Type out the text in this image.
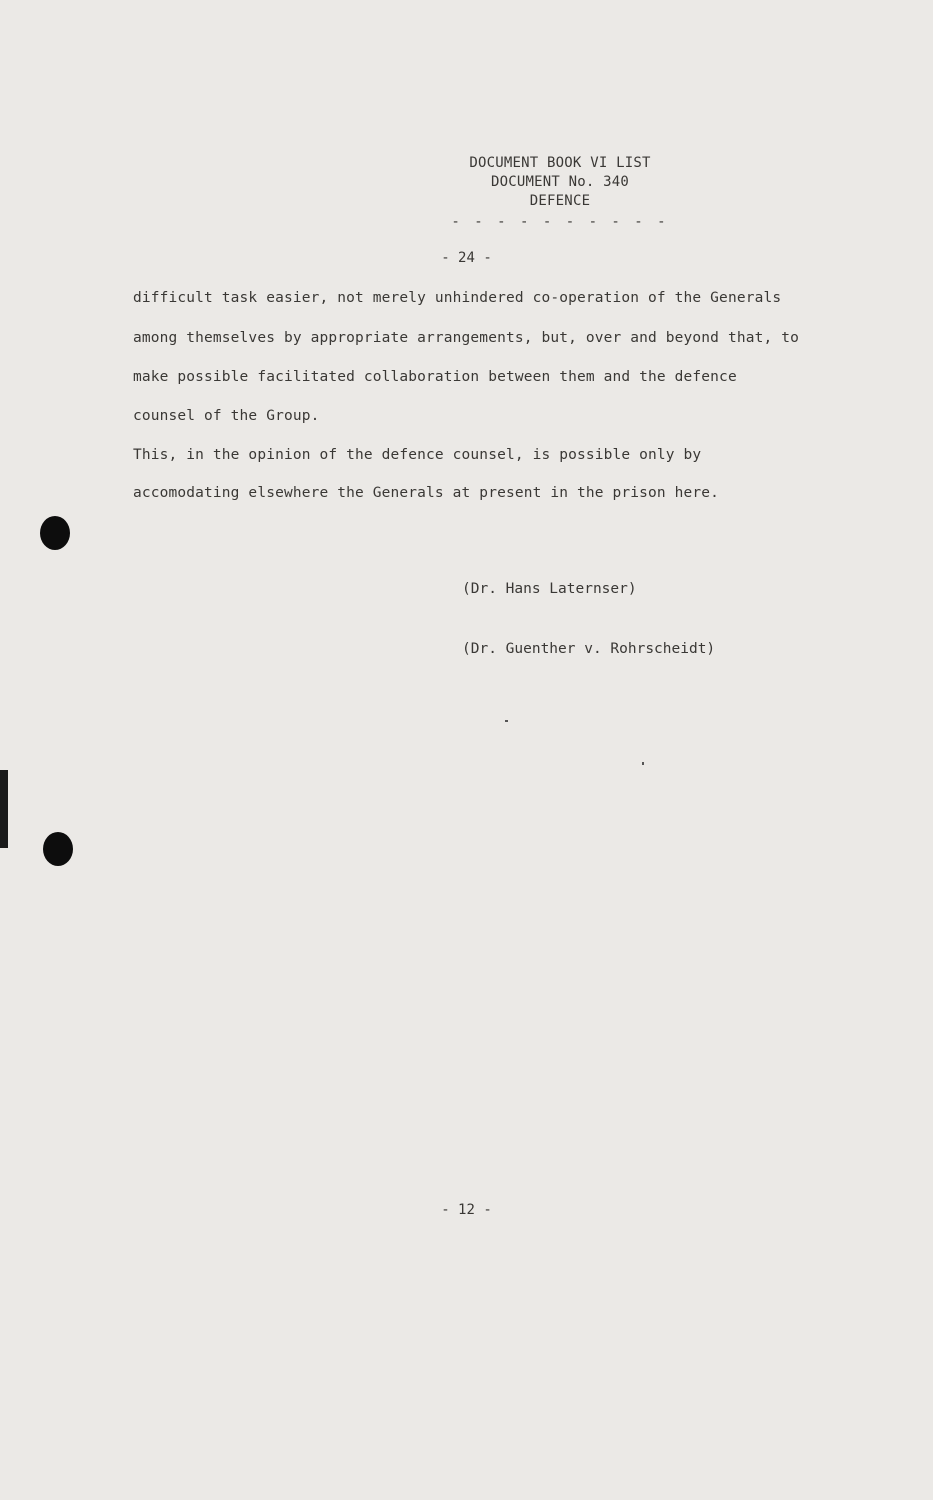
DOCUMENT BOOK VI LIST
DOCUMENT No. 340
DEFENCE
- - - - - - - - - -
- 24 -
difficult task easier, not merely unhindered co-operation of the Generals
among themselves by appropriate arrangements, but, over and beyond that, to
make possible facilitated collaboration between them and the defence
counsel of the Group.
This, in the opinion of the defence counsel, is possible only by
accomodating elsewhere the Generals at present in the prison here.
(Dr. Hans Laternser)
(Dr. Guenther v. Rohrscheidt)
- 12 -
